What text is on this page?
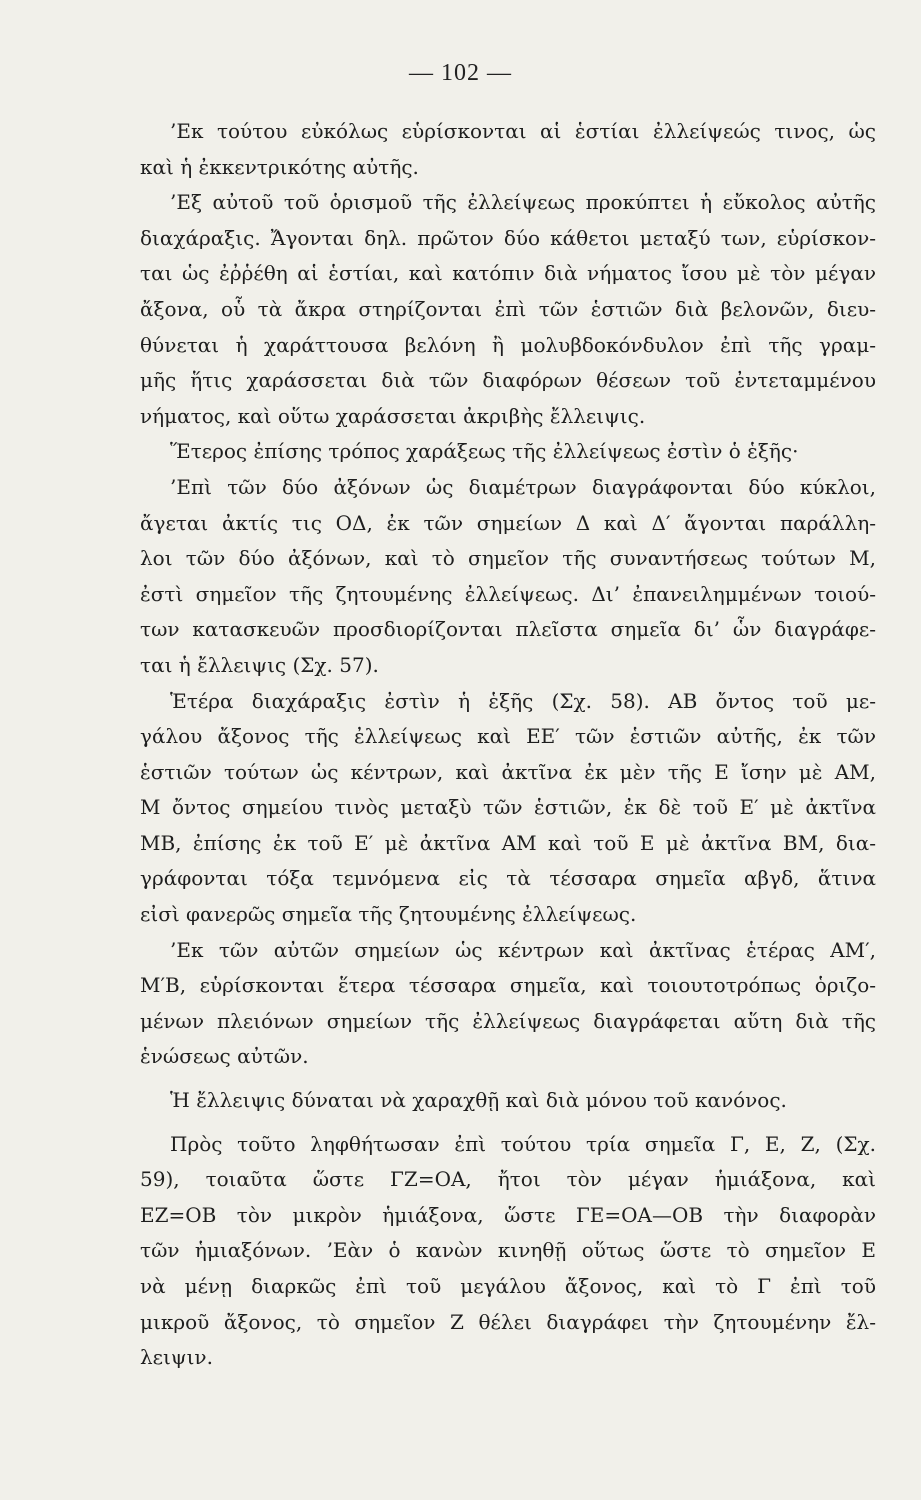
— 102 —
’Εκ τούτου εὐκόλως εὑρίσκονται αἱ ἑστίαι ἐλλείψεώς τινος, ὡς
καὶ ἡ ἐκκεντρικότης αὐτῆς.
’Εξ αὐτοῦ τοῦ ὁρισμοῦ τῆς ἐλλείψεως προκύπτει ἡ εὔκολος αὐτῆς
διαχάραξις. Ἄγονται δηλ. πρῶτον δύο κάθετοι μεταξύ των, εὑρίσκον-
ται ὡς ἐῤῥέθη αἱ ἑστίαι, καὶ κατόπιν διὰ νήματος ἴσου μὲ τὸν μέγαν
ἄξονα, οὗ τὰ ἄκρα στηρίζονται ἐπὶ τῶν ἑστιῶν διὰ βελονῶν, διευ-
θύνεται ἡ χαράττουσα βελόνη ἢ μολυβδοκόνδυλον ἐπὶ τῆς γραμ-
μῆς ἥτις χαράσσεται διὰ τῶν διαφόρων θέσεων τοῦ ἐντεταμμένου
νήματος, καὶ οὕτω χαράσσεται ἀκριβὴς ἔλλειψις.
Ἕτερος ἐπίσης τρόπος χαράξεως τῆς ἐλλείψεως ἐστὶν ὁ ἑξῆς·
’Επὶ τῶν δύο ἀξόνων ὡς διαμέτρων διαγράφονται δύο κύκλοι,
ἄγεται ἀκτίς τις ΟΔ, ἐκ τῶν σημείων Δ καὶ Δ′ ἄγονται παράλλη-
λοι τῶν δύο ἀξόνων, καὶ τὸ σημεῖον τῆς συναντήσεως τούτων Μ,
ἐστὶ σημεῖον τῆς ζητουμένης ἐλλείψεως. Δι’ ἐπανειλημμένων τοιού-
των κατασκευῶν προσδιορίζονται πλεῖστα σημεῖα δι’ ὧν διαγράφε-
ται ἡ ἔλλειψις (Σχ. 57).
Ἑτέρα διαχάραξις ἐστὶν ἡ ἑξῆς (Σχ. 58). ΑΒ ὄντος τοῦ με-
γάλου ἄξονος τῆς ἐλλείψεως καὶ ΕΕ′ τῶν ἑστιῶν αὐτῆς, ἐκ τῶν
ἑστιῶν τούτων ὡς κέντρων, καὶ ἀκτῖνα ἐκ μὲν τῆς Ε ἴσην μὲ ΑΜ,
Μ ὄντος σημείου τινὸς μεταξὺ τῶν ἑστιῶν, ἐκ δὲ τοῦ Ε′ μὲ ἀκτῖνα
ΜΒ, ἐπίσης ἐκ τοῦ Ε′ μὲ ἀκτῖνα ΑΜ καὶ τοῦ Ε μὲ ἀκτῖνα ΒΜ, δια-
γράφονται τόξα τεμνόμενα εἰς τὰ τέσσαρα σημεῖα αβγδ, ἅτινα
εἰσὶ φανερῶς σημεῖα τῆς ζητουμένης ἐλλείψεως.
’Εκ τῶν αὐτῶν σημείων ὡς κέντρων καὶ ἀκτῖνας ἑτέρας ΑΜ′,
Μ′Β, εὑρίσκονται ἕτερα τέσσαρα σημεῖα, καὶ τοιουτοτρόπως ὁριζο-
μένων πλειόνων σημείων τῆς ἐλλείψεως διαγράφεται αὕτη διὰ τῆς
ἑνώσεως αὐτῶν.
Ἡ ἔλλειψις δύναται νὰ χαραχθῇ καὶ διὰ μόνου τοῦ κανόνος.
Πρὸς τοῦτο ληφθήτωσαν ἐπὶ τούτου τρία σημεῖα Γ, Ε, Ζ, (Σχ.
59), τοιαῦτα ὥστε ΓΖ=ΟΑ, ἤτοι τὸν μέγαν ἡμιάξονα, καὶ
ΕΖ=ΟΒ τὸν μικρὸν ἡμιάξονα, ὥστε ΓΕ=ΟΑ—ΟΒ τὴν διαφορὰν
τῶν ἡμιαξόνων. ’Εὰν ὁ κανὼν κινηθῇ οὕτως ὥστε τὸ σημεῖον Ε
νὰ μένῃ διαρκῶς ἐπὶ τοῦ μεγάλου ἄξονος, καὶ τὸ Γ ἐπὶ τοῦ
μικροῦ ἄξονος, τὸ σημεῖον Ζ θέλει διαγράφει τὴν ζητουμένην ἔλ-
λειψιν.
